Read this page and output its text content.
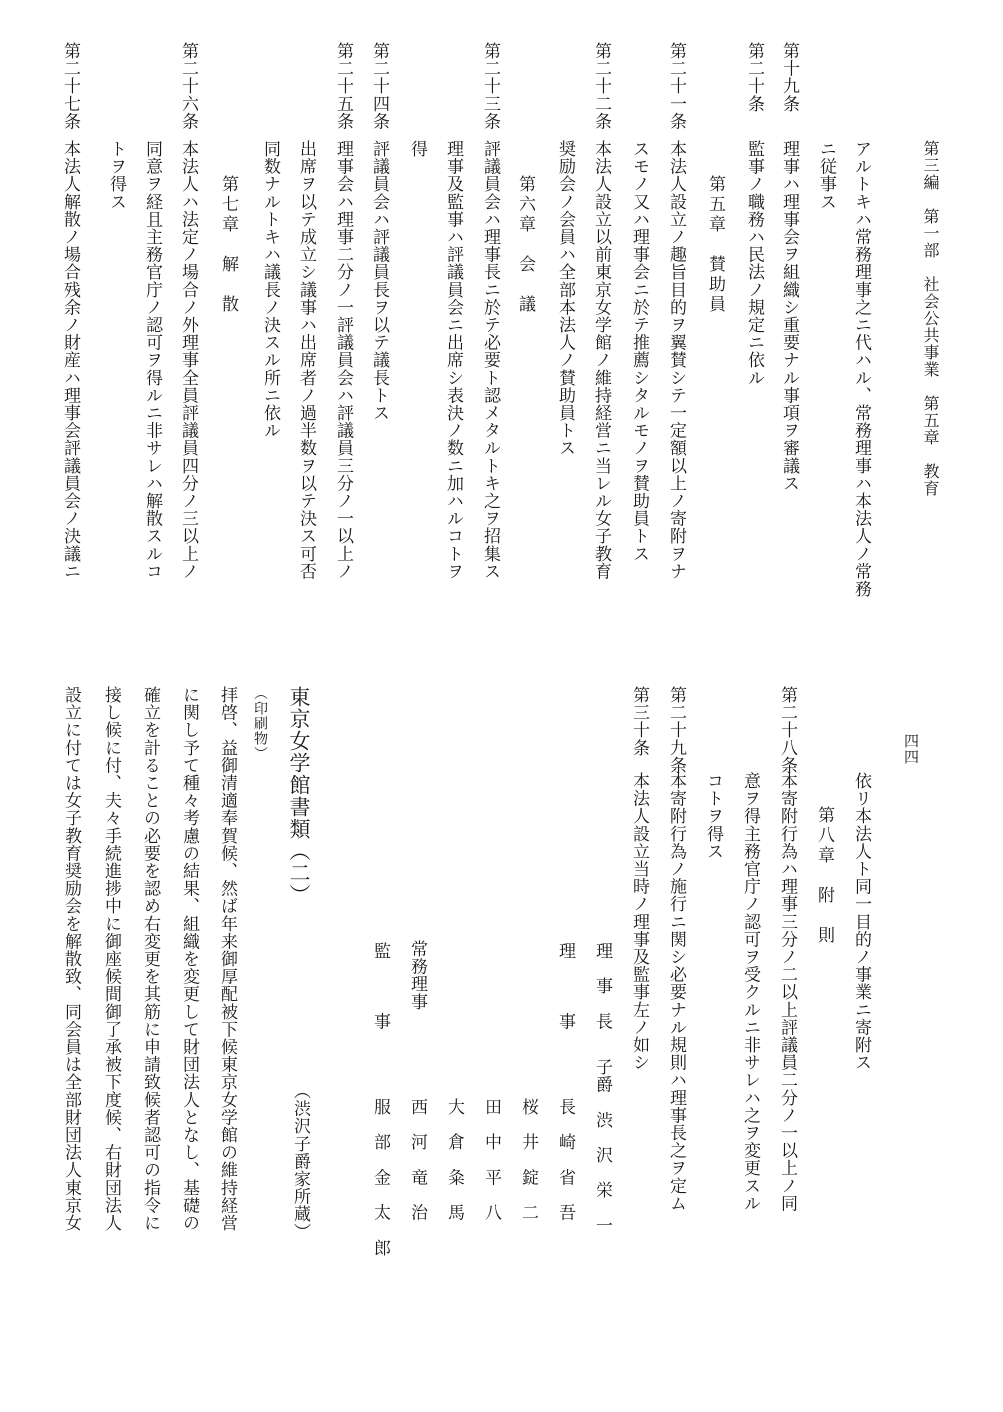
第三編　第一部　社会公共事業　第五章　教育
四四
アルトキハ常務理事之ニ代ハル、常務理事ハ本法人ノ常務
ニ従事ス
第十九条
理事ハ理事会ヲ組織シ重要ナル事項ヲ審議ス
第二十条
監事ノ職務ハ民法ノ規定ニ依ル
第五章　賛助員
第二十一条
本法人設立ノ趣旨目的ヲ翼賛シテ一定額以上ノ寄附ヲナ
スモノ又ハ理事会ニ於テ推薦シタルモノヲ賛助員トス
第二十二条
本法人設立以前東京女学館ノ維持経営ニ当レル女子教育
奨励会ノ会員ハ全部本法人ノ賛助員トス
第六章　会　議
第二十三条
評議員会ハ理事長ニ於テ必要ト認メタルトキ之ヲ招集ス
理事及監事ハ評議員会ニ出席シ表決ノ数ニ加ハルコトヲ
得
第二十四条
評議員会ハ評議員長ヲ以テ議長トス
第二十五条
理事会ハ理事二分ノ一評議員会ハ評議員三分ノ一以上ノ
出席ヲ以テ成立シ議事ハ出席者ノ過半数ヲ以テ決ス可否
同数ナルトキハ議長ノ決スル所ニ依ル
第七章　解　散
第二十六条
本法人ハ法定ノ場合ノ外理事全員評議員四分ノ三以上ノ
同意ヲ経且主務官庁ノ認可ヲ得ルニ非サレハ解散スルコ
トヲ得ス
第二十七条
本法人解散ノ場合残余ノ財産ハ理事会評議員会ノ決議ニ
依リ本法人ト同一目的ノ事業ニ寄附ス
第八章　附　則
第二十八条
本寄附行為ハ理事三分ノ二以上評議員二分ノ一以上ノ同
意ヲ得主務官庁ノ認可ヲ受クルニ非サレハ之ヲ変更スル
コトヲ得ス
第二十九条
本寄附行為ノ施行ニ関シ必要ナル規則ハ理事長之ヲ定ム
第三十条
本法人設立当時ノ理事及監事左ノ如シ
理　事　長
子爵　渋　沢　栄　一
理　　　事
長　崎　省　吾
桜　井　錠　二
田　中　平　八
大　倉　粂　馬
常務理事
西　河　竜　治
監　　　事
服　部　金　太　郎
東京女学館書類（二）
（渋沢子爵家所蔵）
（印刷物）
拝啓、益御清適奉賀候、然ば年来御厚配被下候東京女学館の維持経営
に関し予て種々考慮の結果、組織を変更して財団法人となし、基礎の
確立を計ることの必要を認め右変更を其筋に申請致候者認可の指令に
接し候に付、夫々手続進捗中に御座候間御了承被下度候、右財団法人
設立に付ては女子教育奨励会を解散致、同会員は全部財団法人東京女
